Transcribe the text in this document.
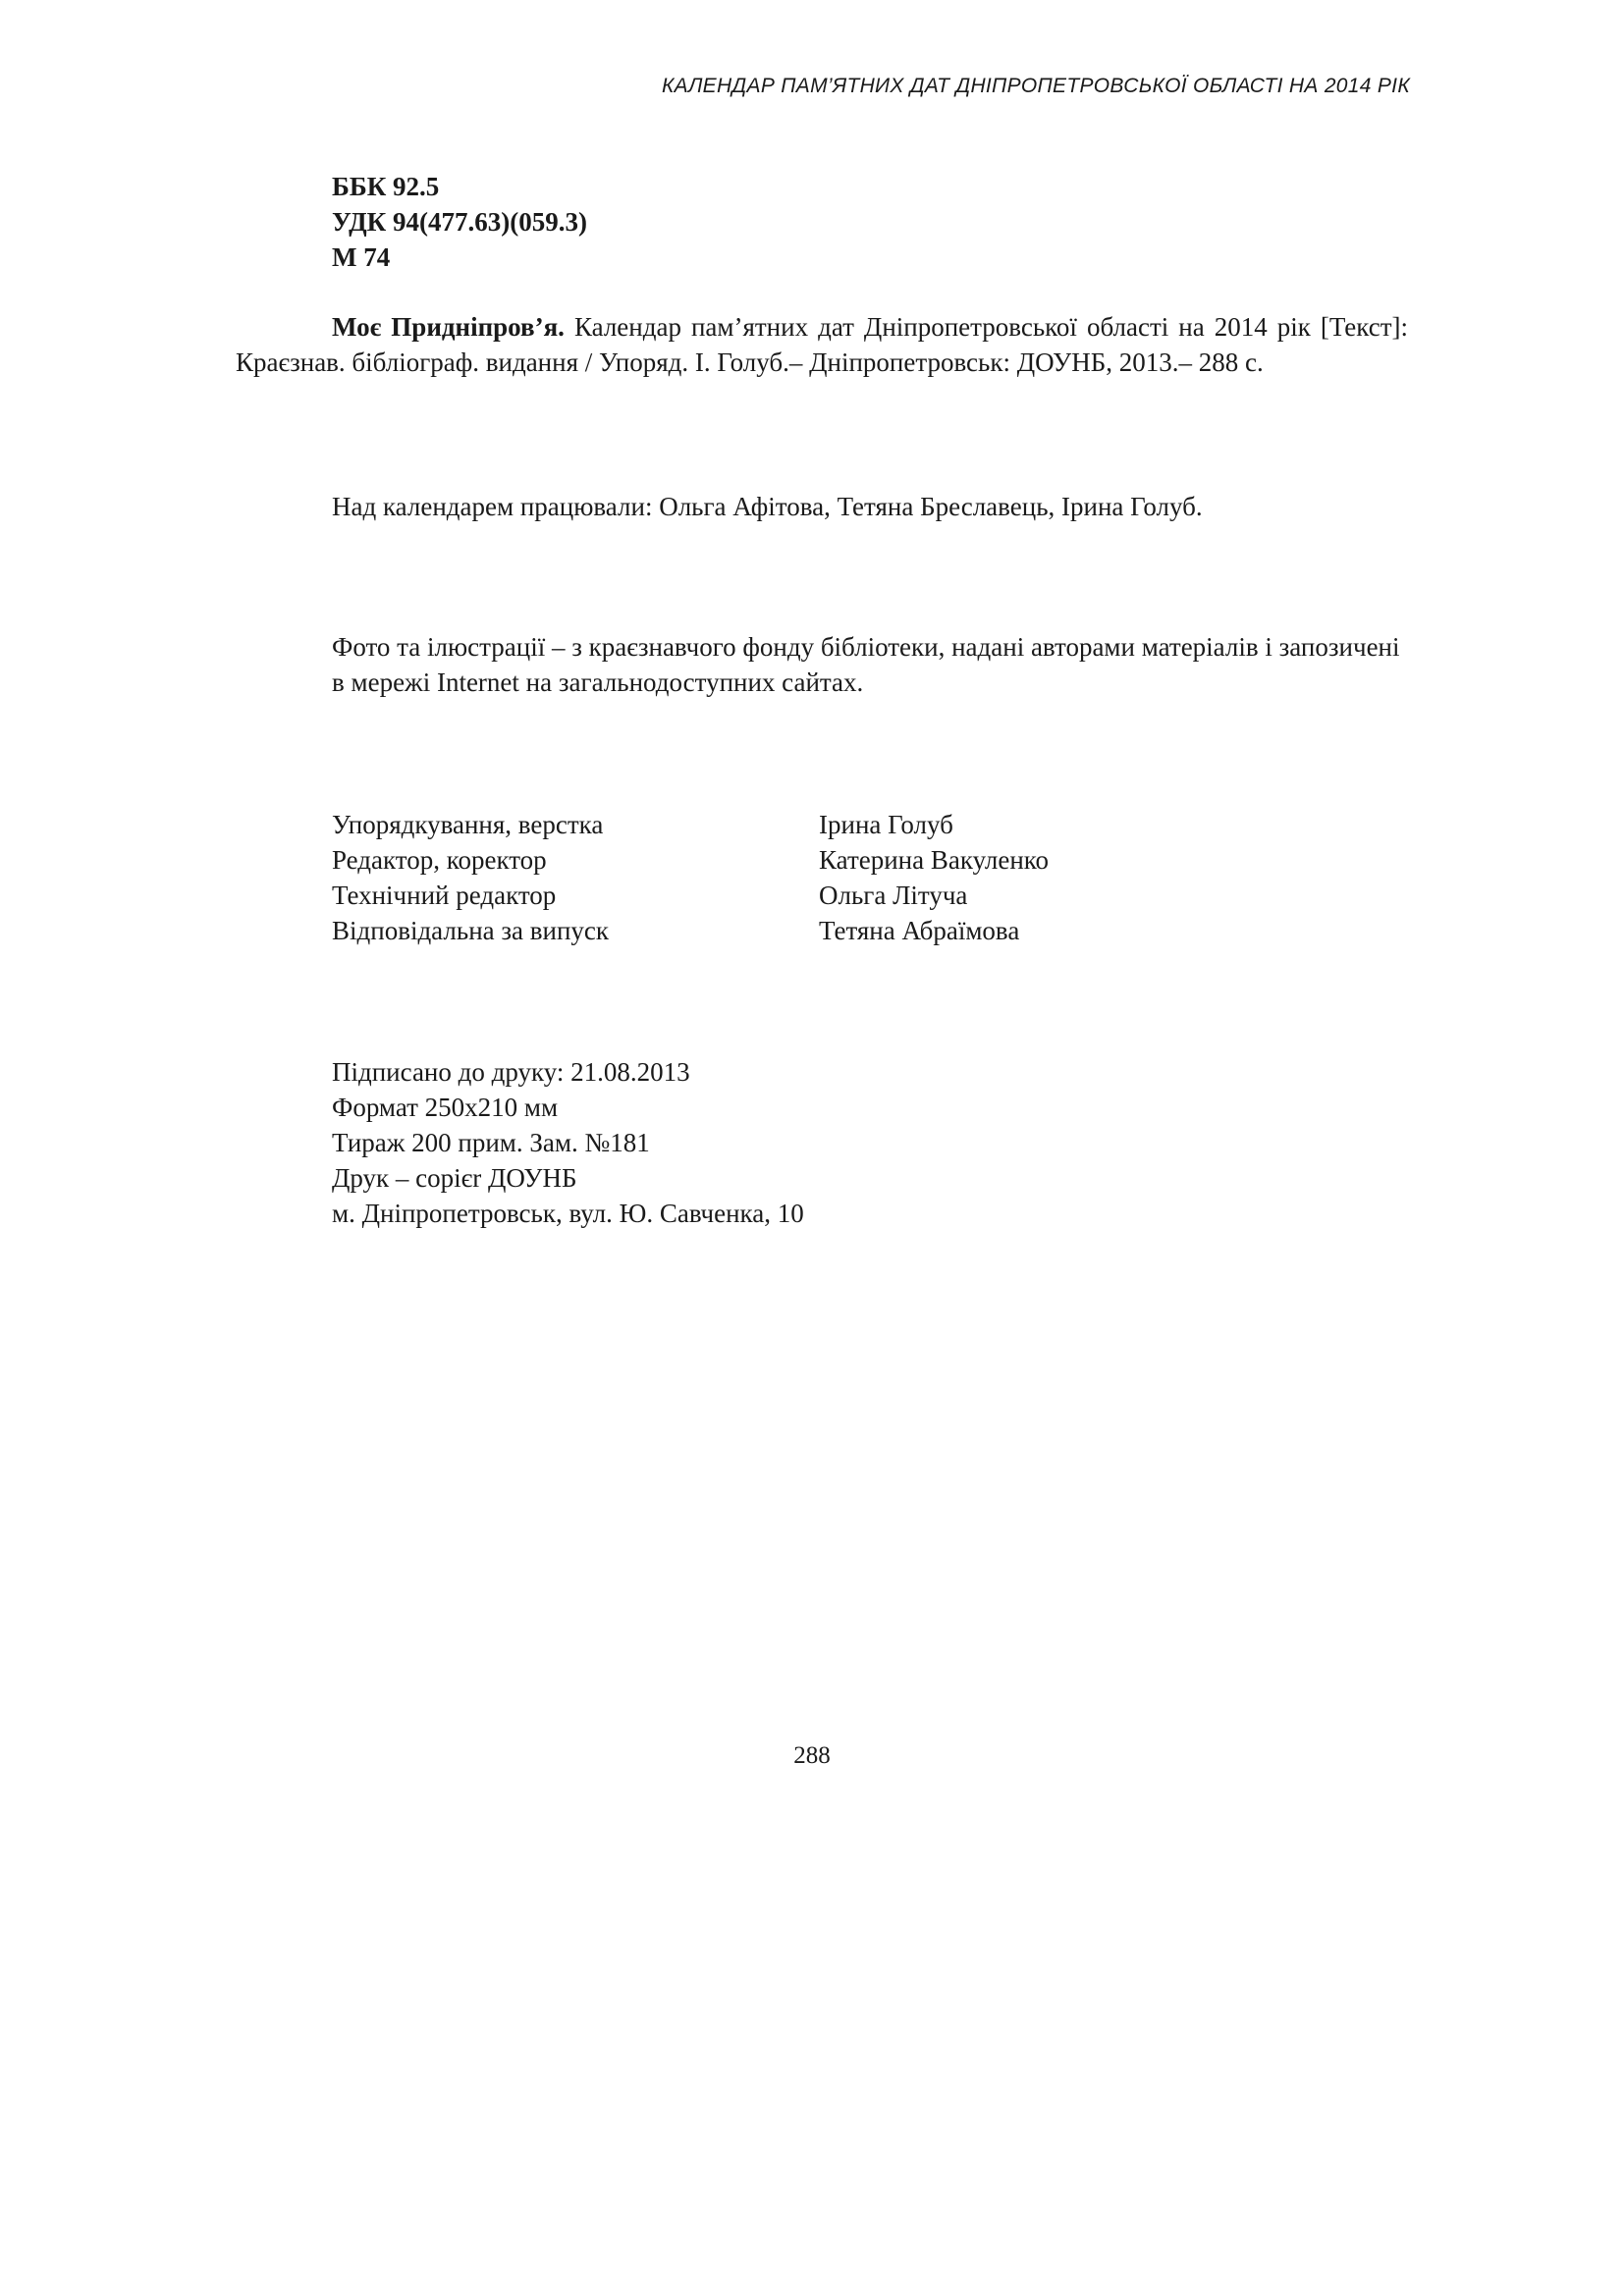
КАЛЕНДАР ПАМ’ЯТНИХ ДАТ ДНІПРОПЕТРОВСЬКОЇ ОБЛАСТІ НА 2014 РІК
ББК 92.5
УДК 94(477.63)(059.3)
М 74
Моє Придніпров’я. Календар пам’ятних дат Дніпропетровської області на 2014 рік [Текст]: Краєзнав. бібліограф. видання / Упоряд. І. Голуб.– Дніпропетровськ: ДОУНБ, 2013.– 288 с.
Над календарем працювали: Ольга Афітова, Тетяна Бреславець, Ірина Голуб.
Фото та ілюстрації – з краєзнавчого фонду бібліотеки, надані авторами матеріалів і запозичені в мережі Internet на загальнодоступних сайтах.
Упорядкування, верстка	Ірина Голуб
Редактор, коректор	Катерина Вакуленко
Технічний редактор	Ольга Літуча
Відповідальна за випуск	Тетяна Абраїмова
Підписано до друку: 21.08.2013
Формат 250х210 мм
Тираж 200 прим. Зам. №181
Друк – copiєr ДОУНБ
м. Дніпропетровськ, вул. Ю. Савченка, 10
288
